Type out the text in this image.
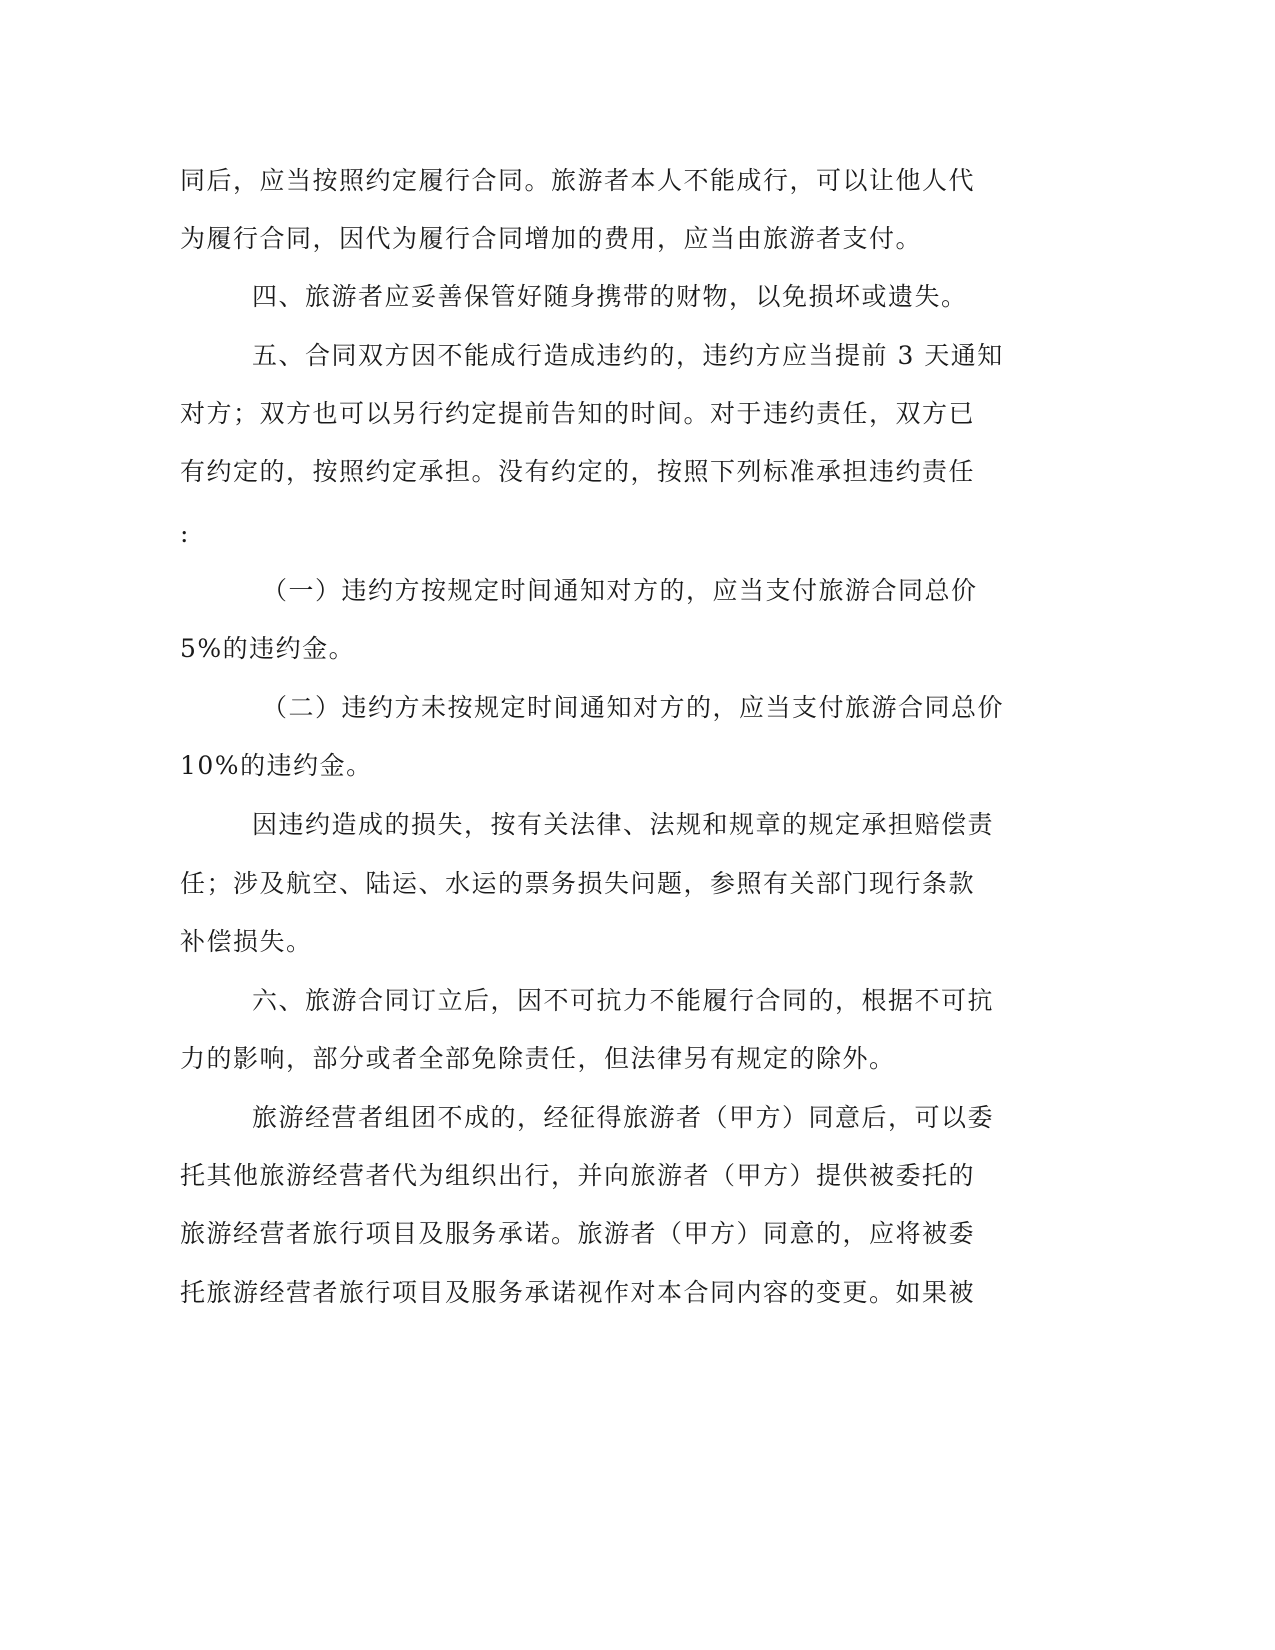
同后，应当按照约定履行合同。旅游者本人不能成行，可以让他人代
为履行合同，因代为履行合同增加的费用，应当由旅游者支付。
四、旅游者应妥善保管好随身携带的财物，以免损坏或遗失。
五、合同双方因不能成行造成违约的，违约方应当提前 3 天通知
对方；双方也可以另行约定提前告知的时间。对于违约责任，双方已
有约定的，按照约定承担。没有约定的，按照下列标准承担违约责任
:
（一）违约方按规定时间通知对方的，应当支付旅游合同总价
5%的违约金。
（二）违约方未按规定时间通知对方的，应当支付旅游合同总价
10%的违约金。
因违约造成的损失，按有关法律、法规和规章的规定承担赔偿责
任；涉及航空、陆运、水运的票务损失问题，参照有关部门现行条款
补偿损失。
六、旅游合同订立后，因不可抗力不能履行合同的，根据不可抗
力的影响，部分或者全部免除责任，但法律另有规定的除外。
旅游经营者组团不成的，经征得旅游者（甲方）同意后，可以委
托其他旅游经营者代为组织出行，并向旅游者（甲方）提供被委托的
旅游经营者旅行项目及服务承诺。旅游者（甲方）同意的，应将被委
托旅游经营者旅行项目及服务承诺视作对本合同内容的变更。如果被
